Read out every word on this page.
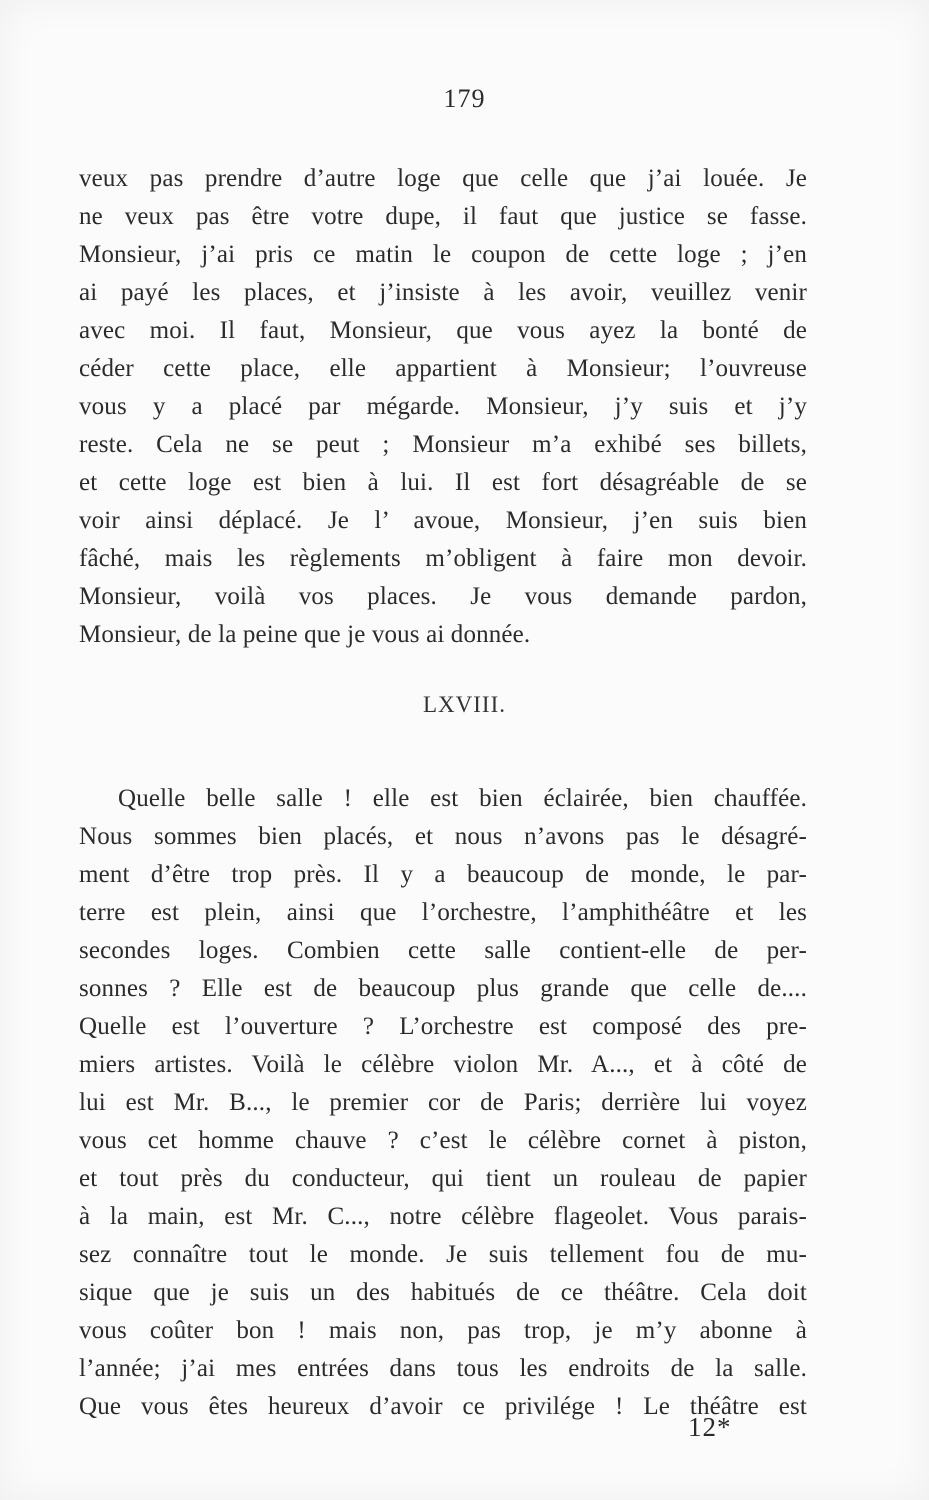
179
veux pas prendre d’autre loge que celle que j’ai louée. Je
ne veux pas être votre dupe, il faut que justice se fasse.
Monsieur, j’ai pris ce matin le coupon de cette loge ; j’en
ai payé les places, et j’insiste à les avoir, veuillez venir
avec moi. Il faut, Monsieur, que vous ayez la bonté de
céder cette place, elle appartient à Monsieur; l’ouvreuse
vous y a placé par mégarde. Monsieur, j’y suis et j’y
reste. Cela ne se peut ; Monsieur m’a exhibé ses billets,
et cette loge est bien à lui. Il est fort désagréable de se
voir ainsi déplacé. Je l’ avoue, Monsieur, j’en suis bien
fâché, mais les règlements m’obligent à faire mon devoir.
Monsieur, voilà vos places. Je vous demande pardon,
Monsieur, de la peine que je vous ai donnée.
LXVIII.
Quelle belle salle ! elle est bien éclairée, bien chauffée.
Nous sommes bien placés, et nous n’avons pas le désagré-
ment d’être trop près. Il y a beaucoup de monde, le par-
terre est plein, ainsi que l’orchestre, l’amphithéâtre et les
secondes loges. Combien cette salle contient-elle de per-
sonnes ? Elle est de beaucoup plus grande que celle de....
Quelle est l’ouverture ? L’orchestre est composé des pre-
miers artistes. Voilà le célèbre violon Mr. A..., et à côté de
lui est Mr. B..., le premier cor de Paris; derrière lui voyez
vous cet homme chauve ? c’est le célèbre cornet à piston,
et tout près du conducteur, qui tient un rouleau de papier
à la main, est Mr. C..., notre célèbre flageolet. Vous parais-
sez connaître tout le monde. Je suis tellement fou de mu-
sique que je suis un des habitués de ce théâtre. Cela doit
vous coûter bon ! mais non, pas trop, je m’y abonne à
l’année; j’ai mes entrées dans tous les endroits de la salle.
Que vous êtes heureux d’avoir ce privilége ! Le théâtre est
12*
